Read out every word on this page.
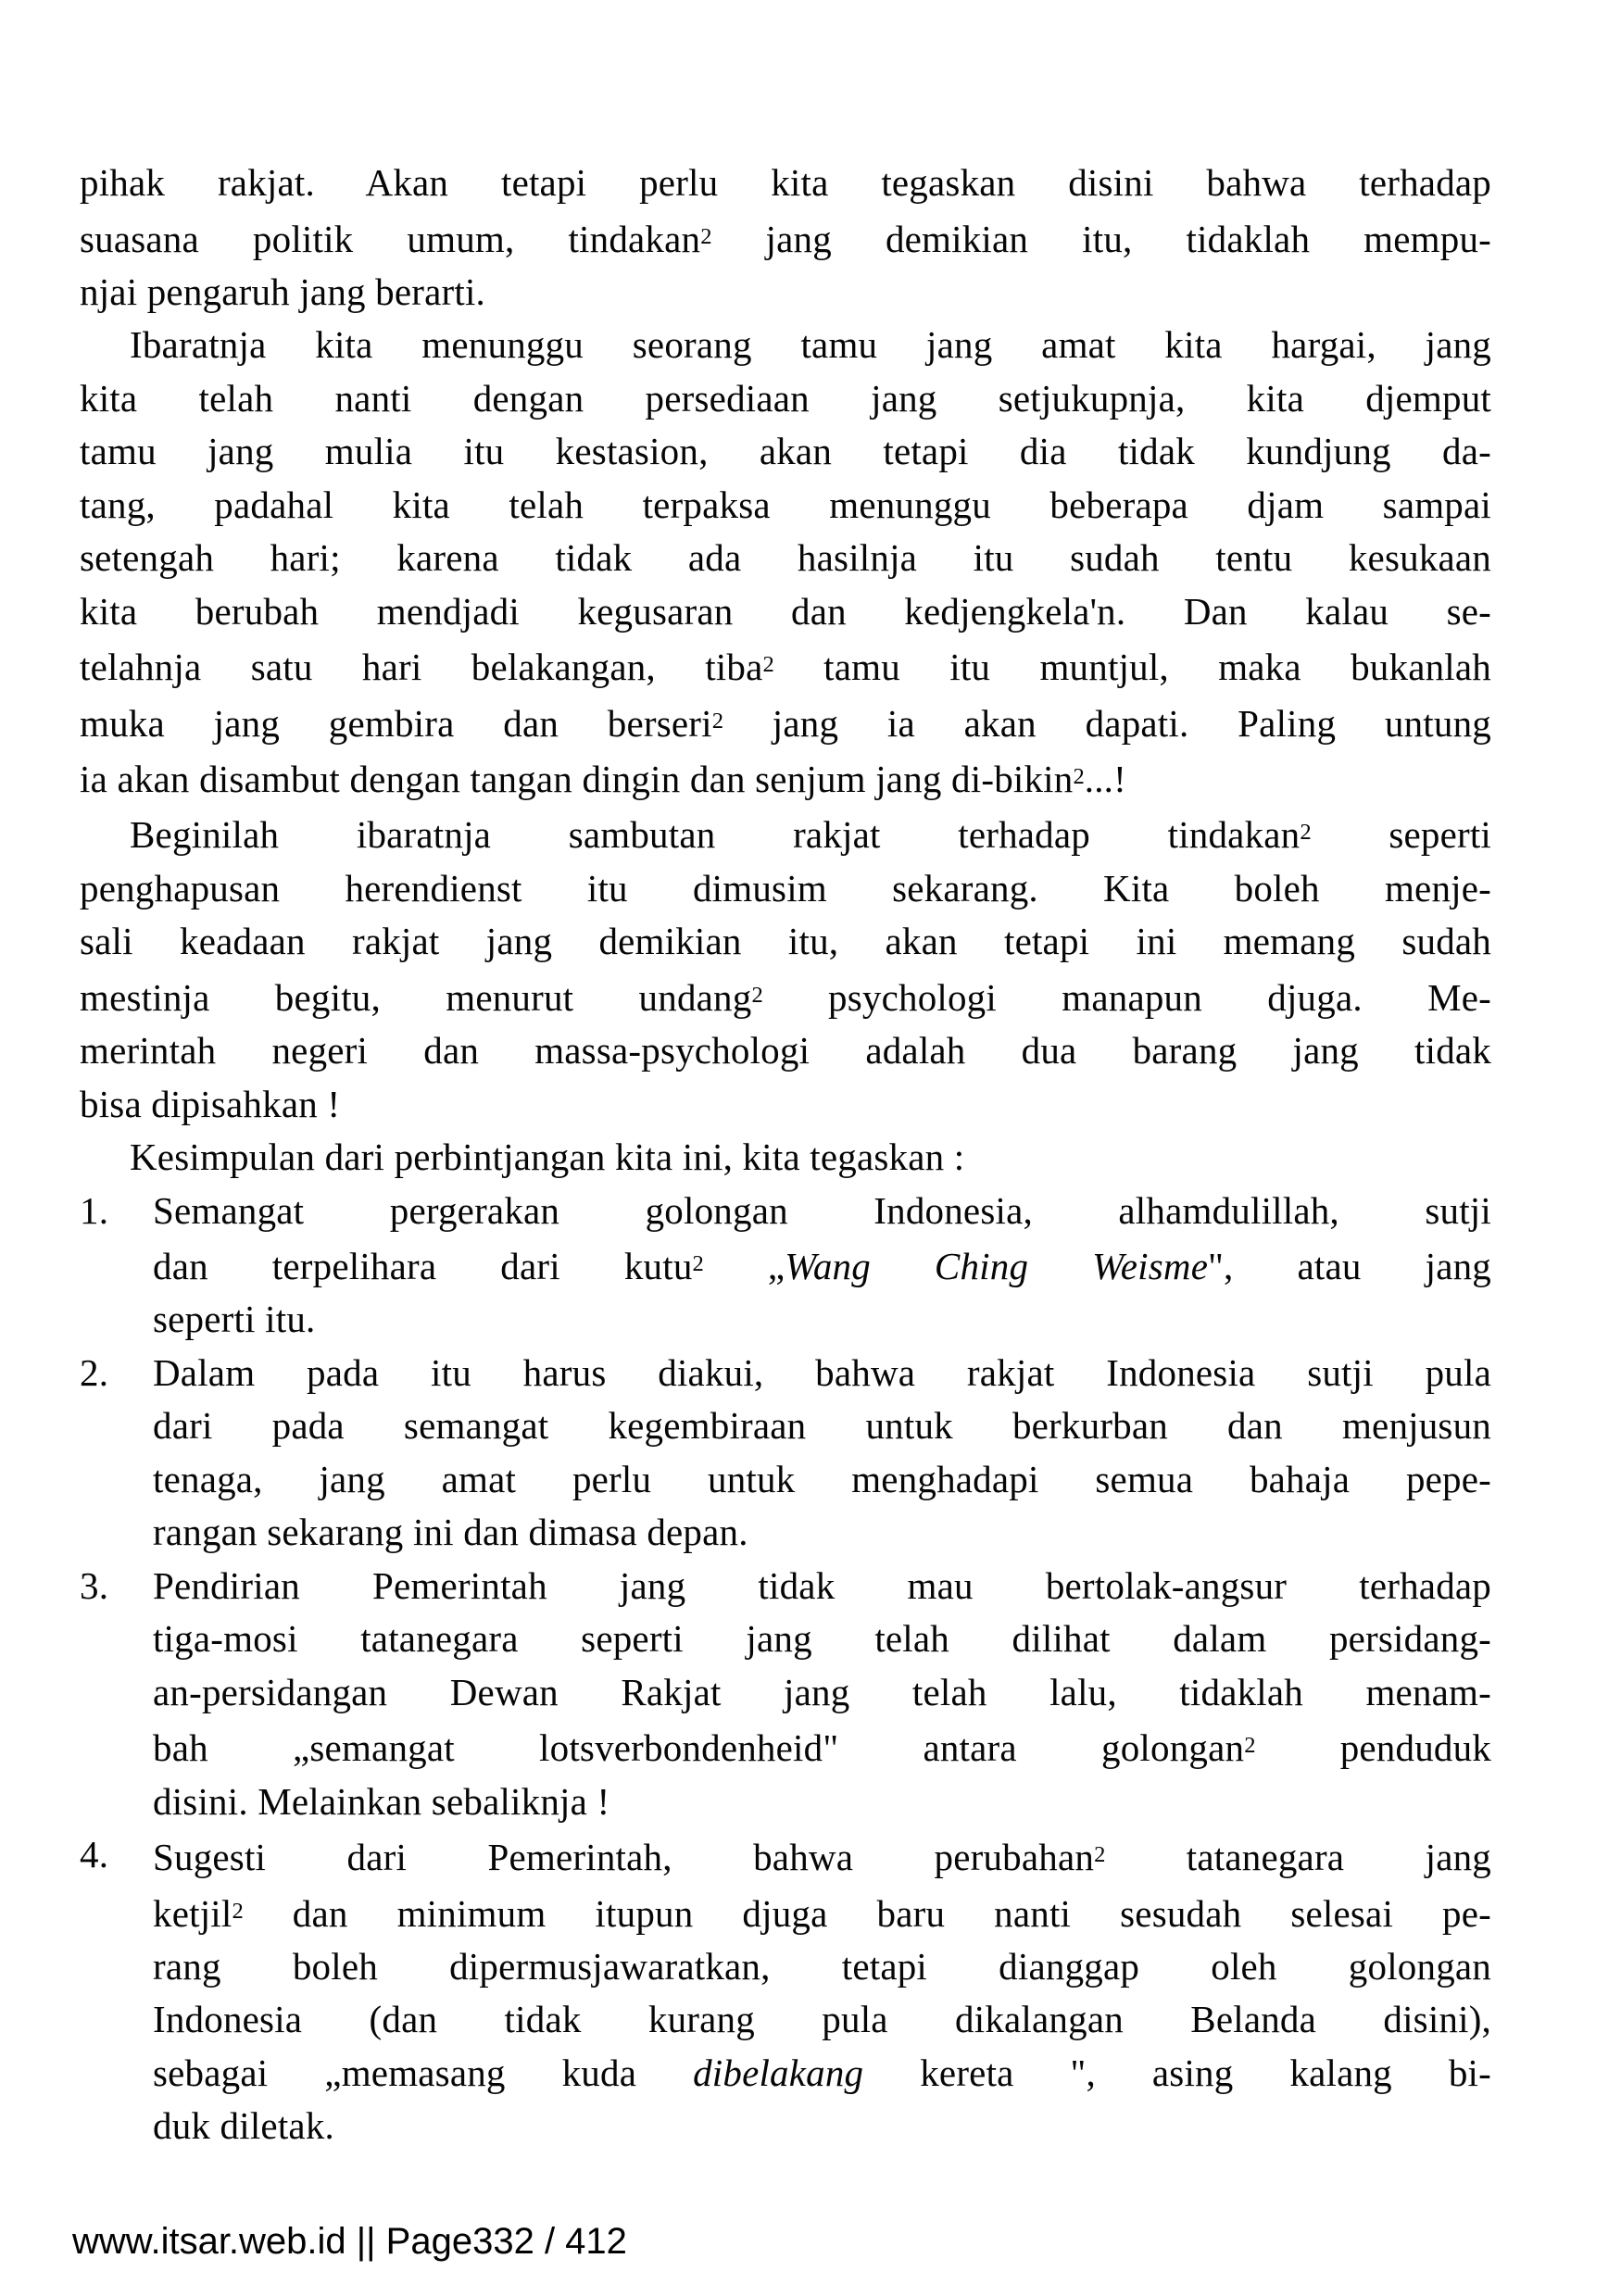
pihak rakjat. Akan tetapi perlu kita tegaskan disini bahwa terhadap
suasana politik umum, tindakan$^2$ jang demikian itu, tidaklah mempu-
njai pengaruh jang berarti.
Ibaratnja kita menunggu seorang tamu jang amat kita hargai, jang
kita telah nanti dengan persediaan jang setjukupnja, kita djemput
tamu jang mulia itu kestasion, akan tetapi dia tidak kundjung da-
tang, padahal kita telah terpaksa menunggu beberapa djam sampai
setengah hari; karena tidak ada hasilnja itu sudah tentu kesukaan
kita berubah mendjadi kegusaran dan kedjengkela'n. Dan kalau se-
telahnja satu hari belakangan, tiba$^2$ tamu itu muntjul, maka bukanlah
muka jang gembira dan berseri$^2$ jang ia akan dapati. Paling untung
ia akan disambut dengan tangan dingin dan senjum jang di-bikin$^2$...!
Beginilah ibaratnja sambutan rakjat terhadap tindakan$^2$ seperti
penghapusan herendienst itu dimusim sekarang. Kita boleh menje-
sali keadaan rakjat jang demikian itu, akan tetapi ini memang sudah
mestinja begitu, menurut undang$^2$ psychologi manapun djuga. Me-
merintah negeri dan massa-psychologi adalah dua barang jang tidak
bisa dipisahkan !
Kesimpulan dari perbintjangan kita ini, kita tegaskan :
1. Semangat pergerakan golongan Indonesia, alhamdulillah, sutji
dan terpelihara dari kutu$^2$ „Wang Ching Weisme", atau jang
seperti itu.
2. Dalam pada itu harus diakui, bahwa rakjat Indonesia sutji pula
dari pada semangat kegembiraan untuk berkurban dan menjusun
tenaga, jang amat perlu untuk menghadapi semua bahaja pepe-
rangan sekarang ini dan dimasa depan.
3. Pendirian Pemerintah jang tidak mau bertolak-angsur terhadap
tiga-mosi tatanegara seperti jang telah dilihat dalam persidang-
an-persidangan Dewan Rakjat jang telah lalu, tidaklah menam-
bah „semangat lotsverbondenheid" antara golongan$^2$ penduduk
disini. Melainkan sebaliknja !
4. Sugesti dari Pemerintah, bahwa perubahan$^2$ tatanegara jang
ketjil$^2$ dan minimum itupun djuga baru nanti sesudah selesai pe-
rang boleh dipermusjawaratkan, tetapi dianggap oleh golongan
Indonesia (dan tidak kurang pula dikalangan Belanda disini),
sebagai „memasang kuda dibelakang kereta ", asing kalang bi-
duk diletak.
www.itsar.web.id || Page332 / 412
